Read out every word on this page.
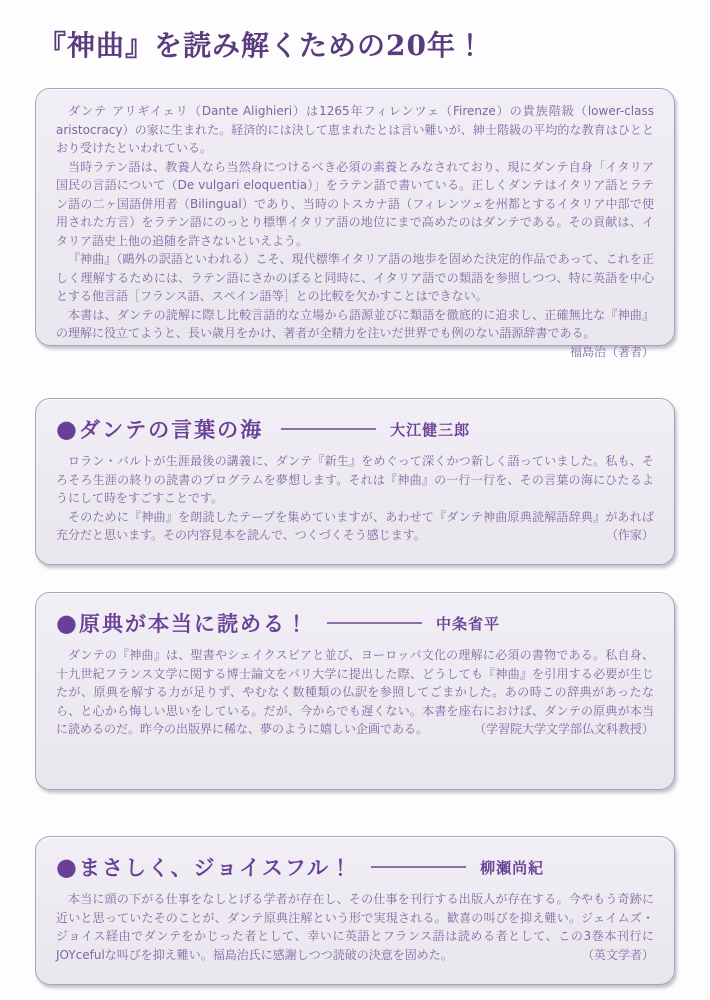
『神曲』を読み解くための20年！

ダンテ アリギイェリ（Dante Alighieri）は1265年フィレンツェ（Firenze）の貴族階級（lower-class aristocracy）の家に生まれた。経済的には決して恵まれたとは言い難いが、紳士階級の平均的な教育はひととおり受けたといわれている。

当時ラテン語は、教養人なら当然身につけるべき必須の素養とみなされており、現にダンテ自身「イタリア国民の言語について（De vulgari eloquentia）」をラテン語で書いている。正しくダンテはイタリア語とラテン語の二ヶ国語併用者（Bilingual）であり、当時のトスカナ語（フィレンツェを州都とするイタリア中部で使用された方言）をラテン語にのっとり標準イタリア語の地位にまで高めたのはダンテである。その貢献は、イタリア語史上他の追随を許さないといえよう。

『神曲』（鷗外の訳語といわれる）こそ、現代標準イタリア語の地歩を固めた決定的作品であって、これを正しく理解するためには、ラテン語にさかのぼると同時に、イタリア語での類語を参照しつつ、特に英語を中心とする他言語［フランス語、スペイン語等］との比較を欠かすことはできない。

本書は、ダンテの読解に際し比較言語的な立場から語源並びに類語を徹底的に追求し、正確無比な『神曲』の理解に役立てようと、長い歳月をかけ、著者が全精力を注いだ世界でも例のない語源辞書である。
福島治（著者）

● ダンテの言葉の海	大江健三郎

ロラン・バルトが生涯最後の講義に、ダンテ『新生』をめぐって深くかつ新しく語っていました。私も、そろそろ生涯の終りの読書のプログラムを夢想します。それは『神曲』の一行一行を、その言葉の海にひたるようにして時をすごすことです。

そのために『神曲』を朗読したテープを集めていますが、あわせて『ダンテ神曲原典読解語辞典』があれば充分だと思います。その内容見本を読んで、つくづくそう感じます。	（作家）

● 原典が本当に読める！	中条省平

ダンテの『神曲』は、聖書やシェイクスピアと並び、ヨーロッパ文化の理解に必須の書物である。私自身、十九世紀フランス文学に関する博士論文をパリ大学に提出した際、どうしても『神曲』を引用する必要が生じたが、原典を解する力が足りず、やむなく数種類の仏訳を参照してごまかした。あの時この辞典があったなら、と心から悔しい思いをしている。だが、今からでも遅くない。本書を座右におけば、ダンテの原典が本当に読めるのだ。昨今の出版界に稀な、夢のように嬉しい企画である。	（学習院大学文学部仏文科教授）

● まさしく、ジョイスフル！	柳瀬尚紀

本当に頭の下がる仕事をなしとげる学者が存在し、その仕事を刊行する出版人が存在する。今やもう奇跡に近いと思っていたそのことが、ダンテ原典注解という形で実現される。歓喜の叫びを抑え難い。ジェイムズ・ジョイス経由でダンテをかじった者として、幸いに英語とフランス語は読める者として、この3巻本刊行にJOYcefulな叫びを抑え難い。福島治氏に感謝しつつ読破の決意を固めた。	（英文学者）
